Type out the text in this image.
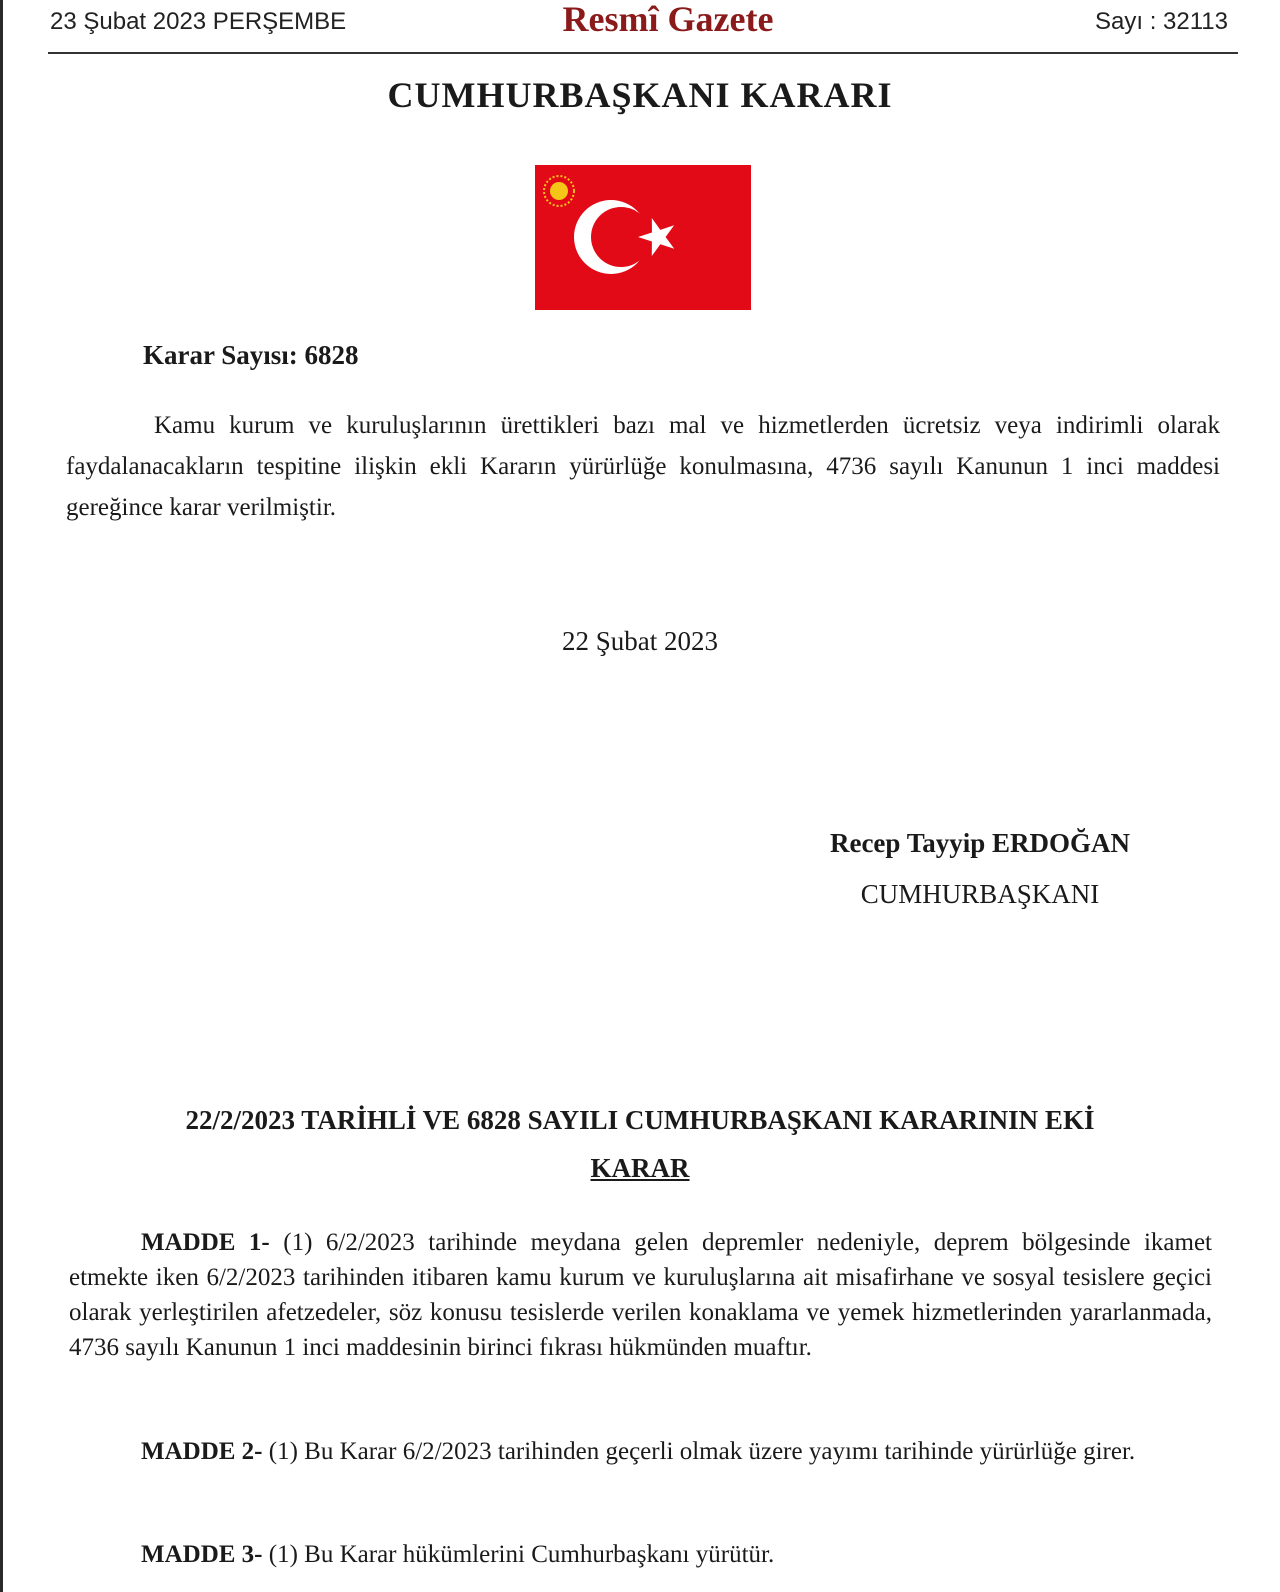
23 Şubat 2023 PERŞEMBE	Resmî Gazete	Sayı : 32113
CUMHURBAŞKANI KARARI
Karar Sayısı: 6828

Kamu kurum ve kuruluşlarının ürettikleri bazı mal ve hizmetlerden ücretsiz veya indirimli olarak faydalanacakların tespitine ilişkin ekli Kararın yürürlüğe konulmasına, 4736 sayılı Kanunun 1 inci maddesi gereğince karar verilmiştir.

22 Şubat 2023
Recep Tayyip ERDOĞAN
CUMHURBAŞKANI
22/2/2023 TARİHLİ VE 6828 SAYILI CUMHURBAŞKANI KARARININ EKİ
KARAR

MADDE 1- (1) 6/2/2023 tarihinde meydana gelen depremler nedeniyle, deprem bölgesinde ikamet etmekte iken 6/2/2023 tarihinden itibaren kamu kurum ve kuruluşlarına ait misafirhane ve sosyal tesislere geçici olarak yerleştirilen afetzedeler, söz konusu tesislerde verilen konaklama ve yemek hizmetlerinden yararlanmada, 4736 sayılı Kanunun 1 inci maddesinin birinci fıkrası hükmünden muaftır.

MADDE 2- (1) Bu Karar 6/2/2023 tarihinden geçerli olmak üzere yayımı tarihinde yürürlüğe girer.

MADDE 3- (1) Bu Karar hükümlerini Cumhurbaşkanı yürütür.
